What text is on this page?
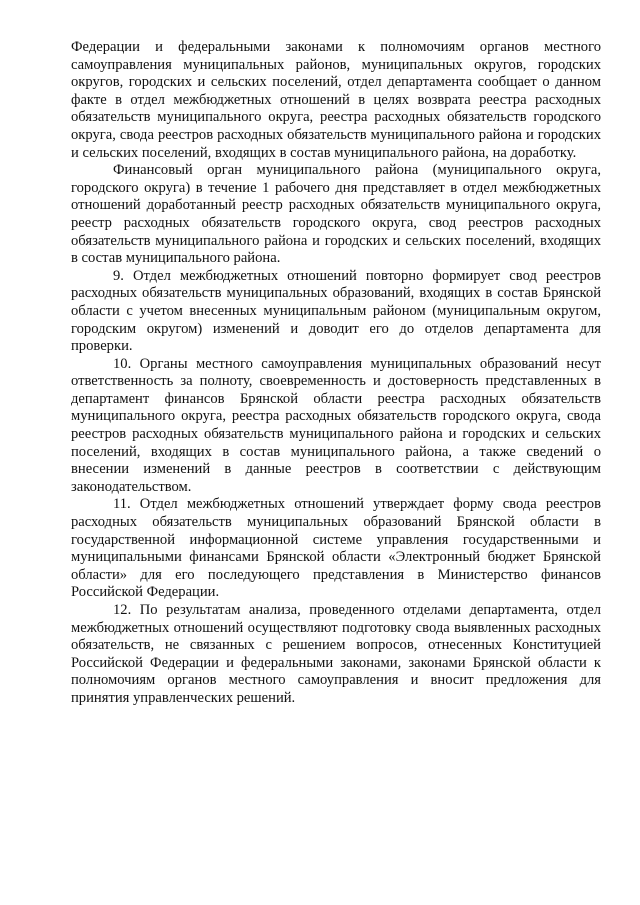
Федерации и федеральными законами к полномочиям органов местного самоуправления муниципальных районов, муниципальных округов, городских округов, городских и сельских поселений, отдел департамента сообщает о данном факте в отдел межбюджетных отношений в целях возврата реестра расходных обязательств муниципального округа, реестра расходных обязательств городского округа, свода реестров расходных обязательств муниципального района и городских и сельских поселений, входящих в состав муниципального района, на доработку.

Финансовый орган муниципального района (муниципального округа, городского округа) в течение 1 рабочего дня представляет в отдел межбюджетных отношений доработанный реестр расходных обязательств муниципального округа, реестр расходных обязательств городского округа, свод реестров расходных обязательств муниципального района и городских и сельских поселений, входящих в состав муниципального района.

9. Отдел межбюджетных отношений повторно формирует свод реестров расходных обязательств муниципальных образований, входящих в состав Брянской области с учетом внесенных муниципальным районом (муниципальным округом, городским округом) изменений и доводит его до отделов департамента для проверки.

10. Органы местного самоуправления муниципальных образований несут ответственность за полноту, своевременность и достоверность представленных в департамент финансов Брянской области реестра расходных обязательств муниципального округа, реестра расходных обязательств городского округа, свода реестров расходных обязательств муниципального района и городских и сельских поселений, входящих в состав муниципального района, а также сведений о внесении изменений в данные реестров в соответствии с действующим законодательством.

11. Отдел межбюджетных отношений утверждает форму свода реестров расходных обязательств муниципальных образований Брянской области в государственной информационной системе управления государственными и муниципальными финансами Брянской области «Электронный бюджет Брянской области» для его последующего представления в Министерство финансов Российской Федерации.

12. По результатам анализа, проведенного отделами департамента, отдел межбюджетных отношений осуществляют подготовку свода выявленных расходных обязательств, не связанных с решением вопросов, отнесенных Конституцией Российской Федерации и федеральными законами, законами Брянской области к полномочиям органов местного самоуправления и вносит предложения для принятия управленческих решений.
